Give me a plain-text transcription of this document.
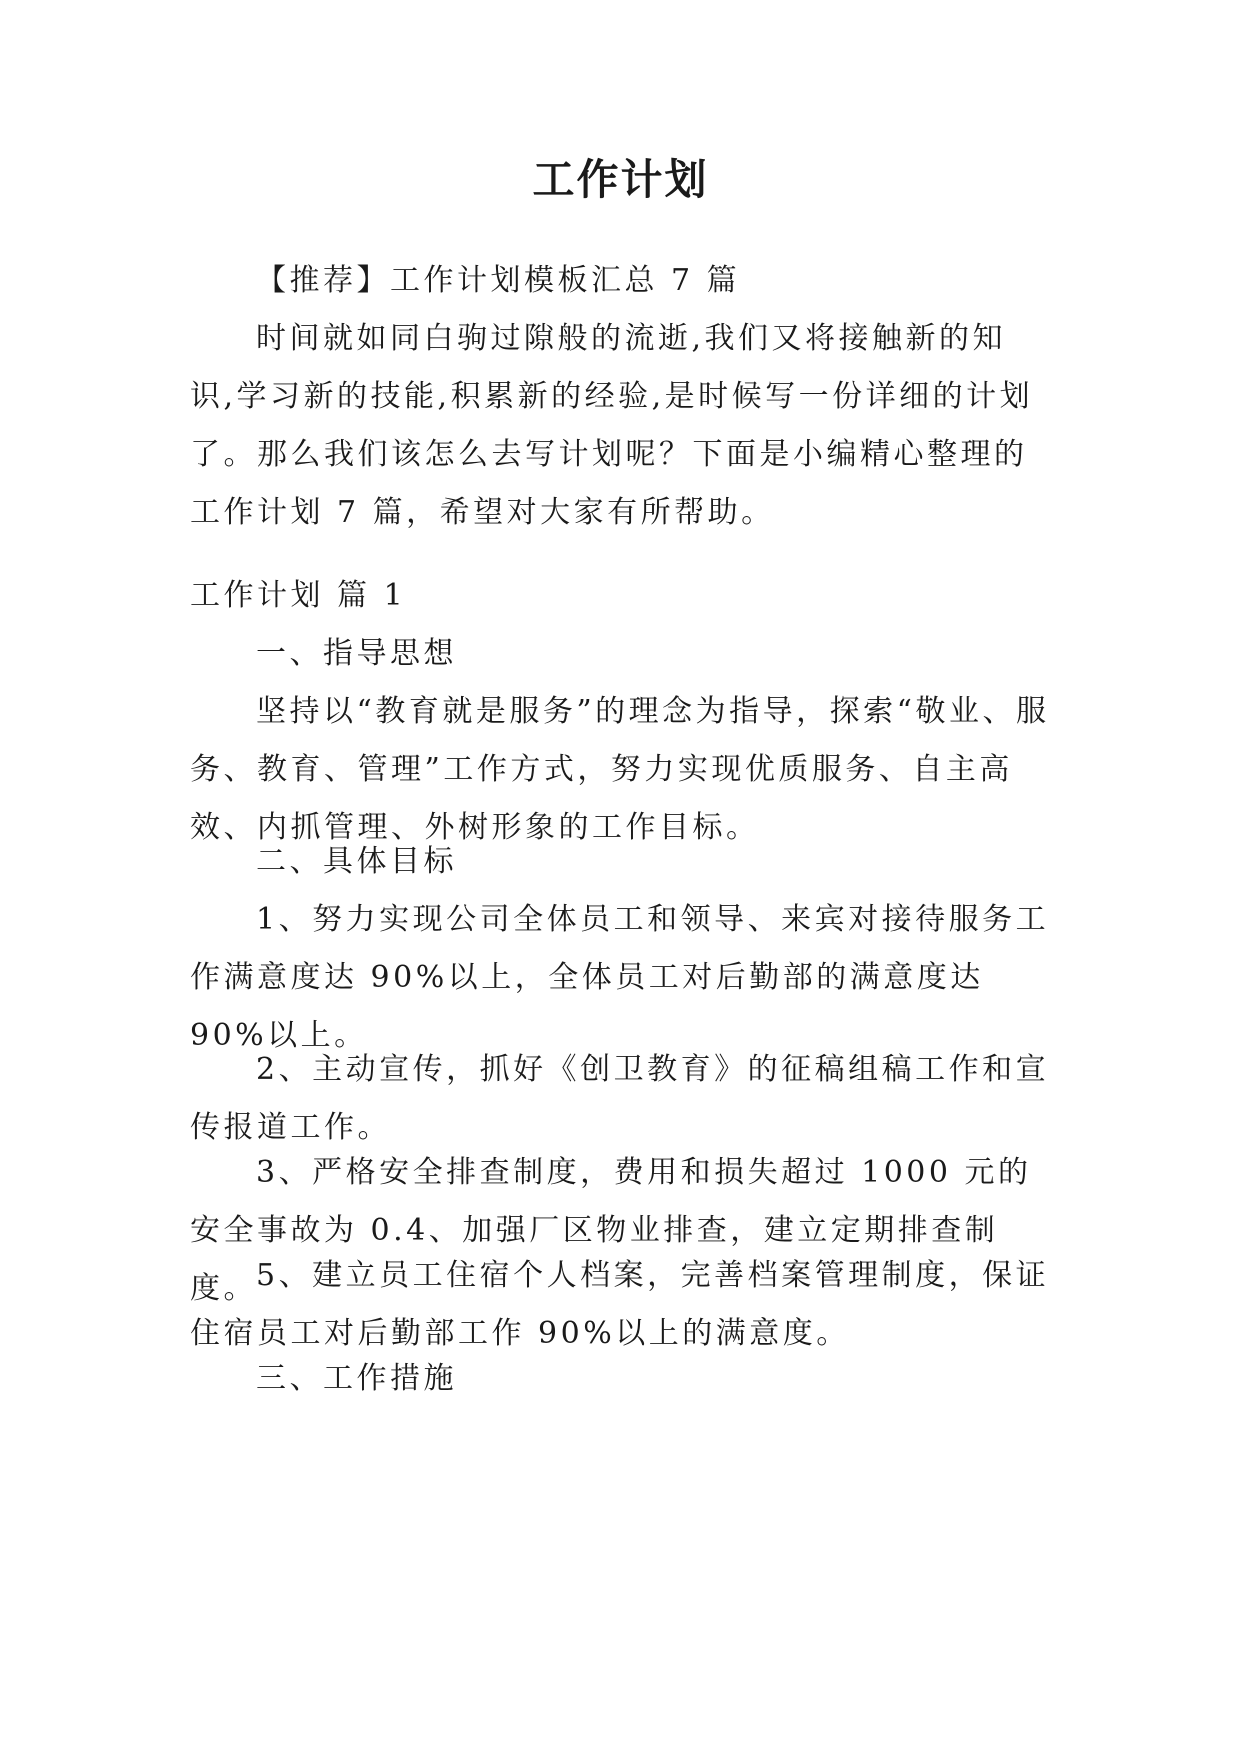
工作计划

【推荐】工作计划模板汇总 7 篇

时间就如同白驹过隙般的流逝,我们又将接触新的知识,学习新的技能,积累新的经验,是时候写一份详细的计划了。那么我们该怎么去写计划呢？下面是小编精心整理的工作计划 7 篇，希望对大家有所帮助。

工作计划 篇 1

一、指导思想

坚持以“教育就是服务”的理念为指导，探索“敬业、服务、教育、管理”工作方式，努力实现优质服务、自主高效、内抓管理、外树形象的工作目标。

二、具体目标

1、努力实现公司全体员工和领导、来宾对接待服务工作满意度达 90%以上，全体员工对后勤部的满意度达 90%以上。

2、主动宣传，抓好《创卫教育》的征稿组稿工作和宣传报道工作。

3、严格安全排查制度，费用和损失超过 1000 元的安全事故为 0.4、加强厂区物业排查，建立定期排查制度。 5、建立员工住宿个人档案，完善档案管理制度，保证住宿员工对后勤部工作 90%以上的满意度。

三、工作措施
